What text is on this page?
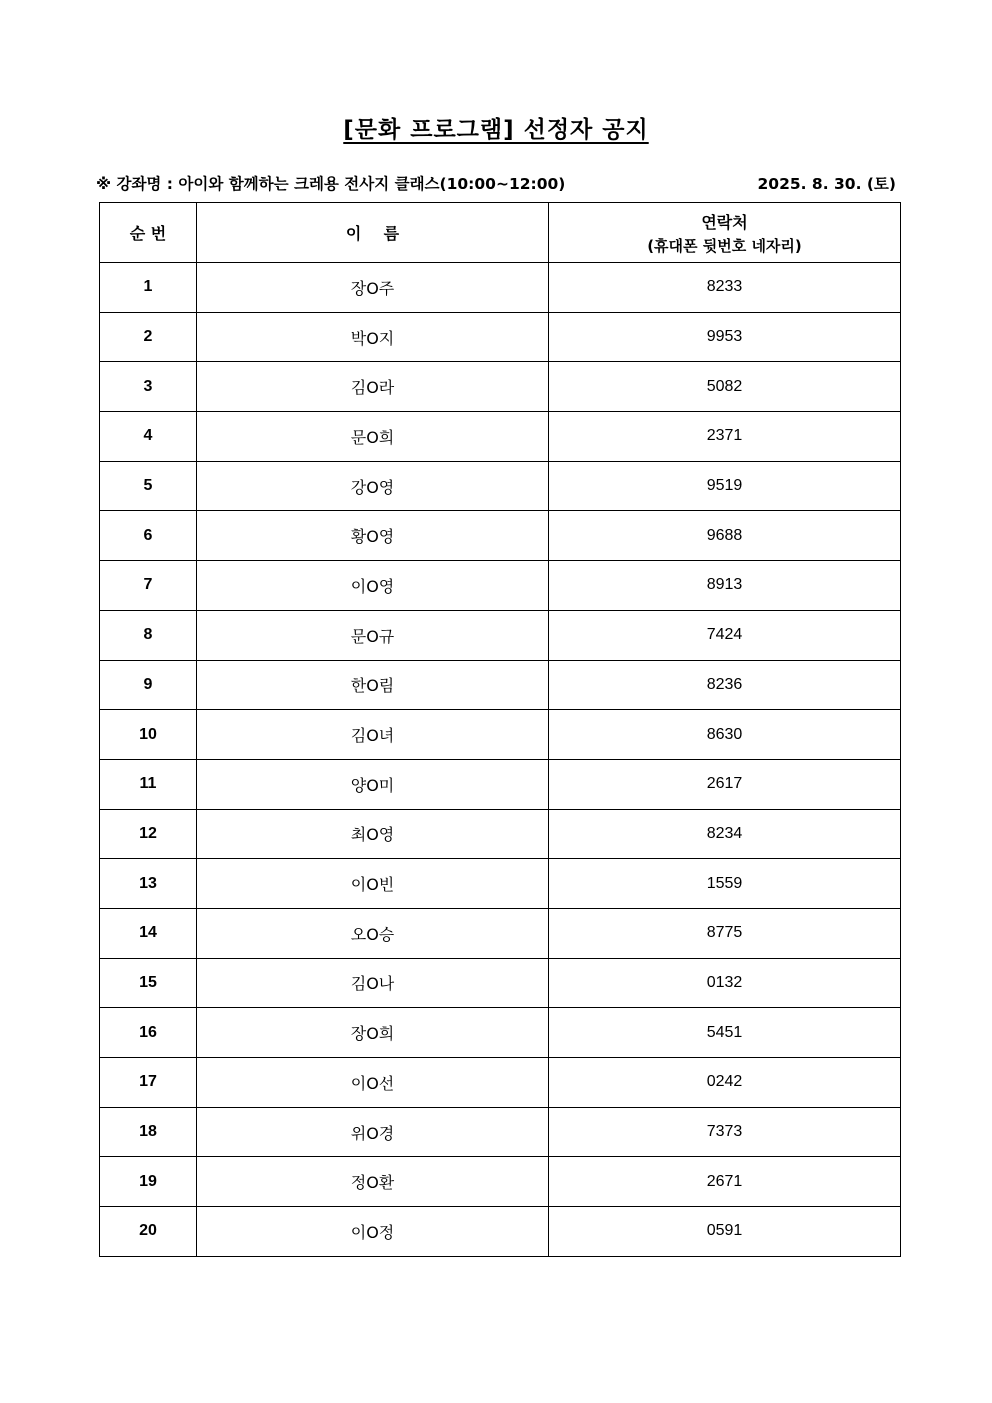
[문화 프로그램] 선정자 공지
※ 강좌명 : 아이와 함께하는 크레용 전사지 클래스(10:00~12:00)	2025. 8. 30. (토)
순 번	이    름	연락처
(휴대폰 뒷번호 네자리)

1	장O주	8233
2	박O지	9953
3	김O라	5082
4	문O희	2371
5	강O영	9519
6	황O영	9688
7	이O영	8913
8	문O규	7424
9	한O림	8236
10	김O녀	8630
11	양O미	2617
12	최O영	8234
13	이O빈	1559
14	오O승	8775
15	김O나	0132
16	장O희	5451
17	이O선	0242
18	위O경	7373
19	정O환	2671
20	이O정	0591
